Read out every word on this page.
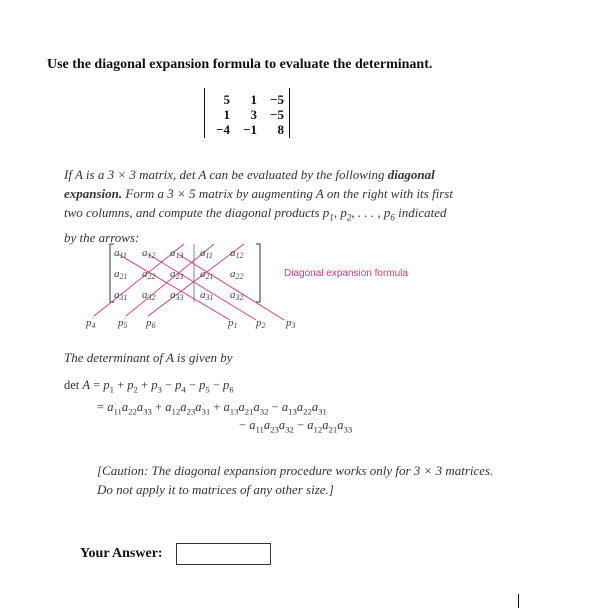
Use the diagonal expansion formula to evaluate the determinant.
5	1	−5
1	3	−5
−4	−1	8
If A is a 3 × 3 matrix, det A can be evaluated by the following diagonal expansion. Form a 3 × 5 matrix by augmenting A on the right with its first two columns, and compute the diagonal products $p_1$, $p_2$, . . . , $p_6$ indicated by the arrows:
a11 a12 a13 a11 a12
a21 a22 a23 a21 a22
a31 a32 a33 a31 a32
p4 p5 p6	p1 p2 p3
Diagonal expansion formula
The determinant of A is given by
$\det A = p_1 + p_2 + p_3 - p_4 - p_5 - p_6$
= $a_{11}a_{22}a_{33} + a_{12}a_{23}a_{31} + a_{13}a_{21}a_{32} - a_{13}a_{22}a_{31}$
− $a_{11}a_{23}a_{32} - a_{12}a_{21}a_{33}$
[Caution: The diagonal expansion procedure works only for 3 × 3 matrices. Do not apply it to matrices of any other size.]
Your Answer:
